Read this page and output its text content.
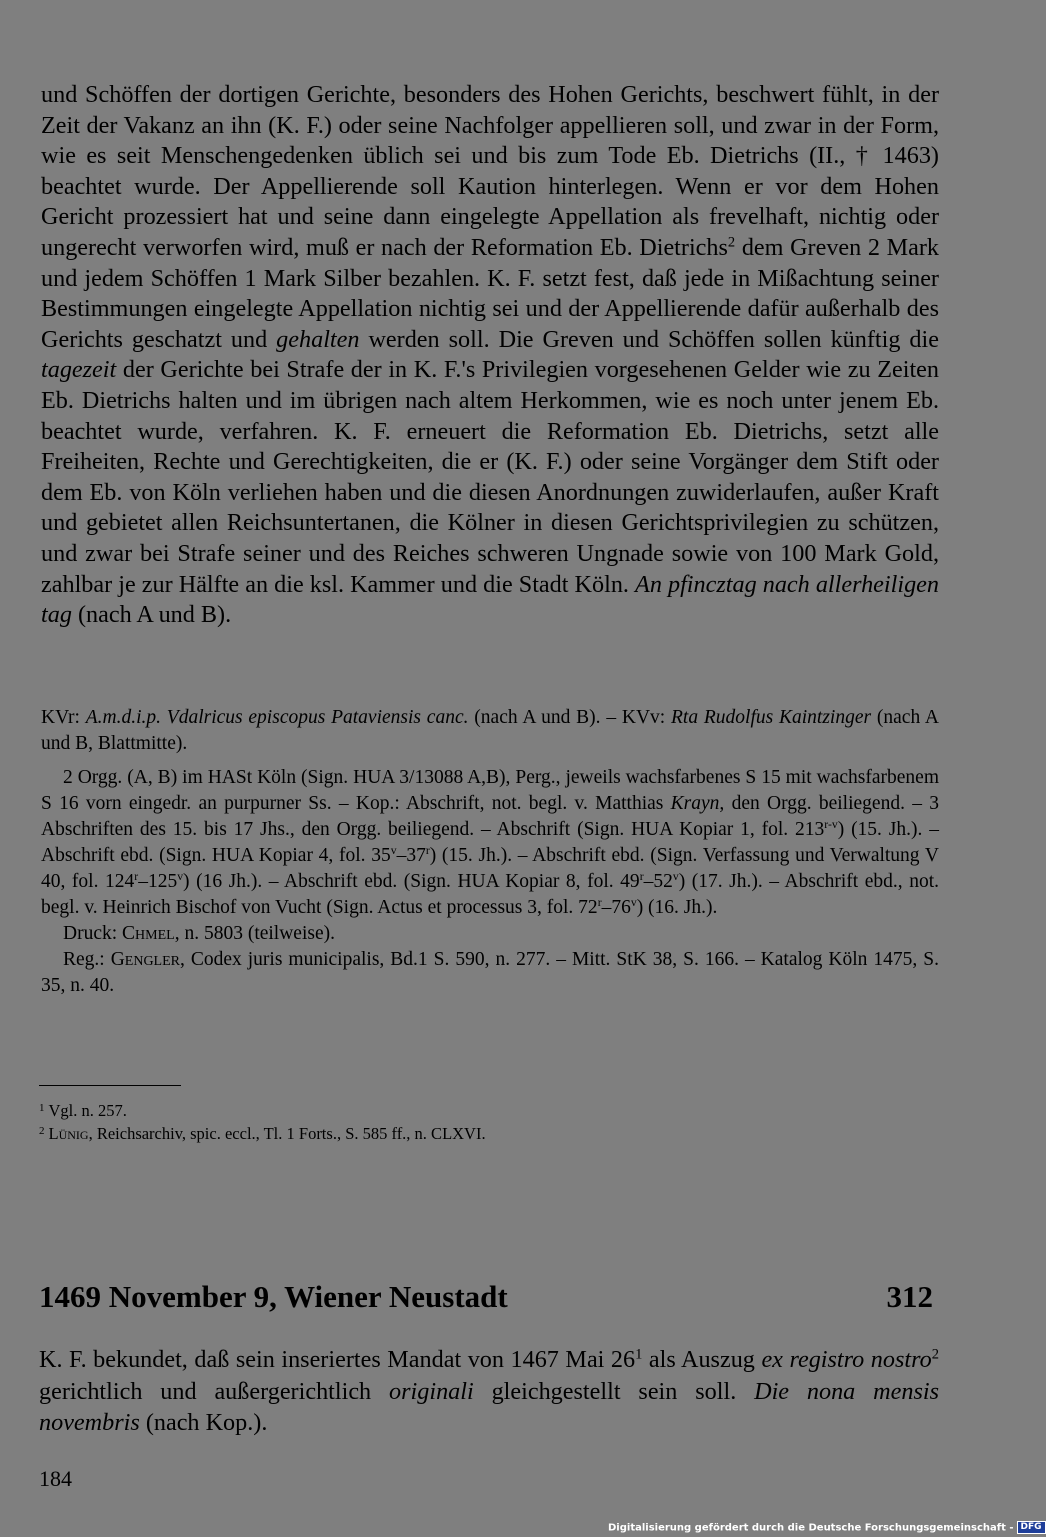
und Schöffen der dortigen Gerichte, besonders des Hohen Gerichts, beschwert fühlt, in der Zeit der Vakanz an ihn (K. F.) oder seine Nachfolger appellieren soll, und zwar in der Form, wie es seit Menschengedenken üblich sei und bis zum Tode Eb. Dietrichs (II., † 1463) beachtet wurde. Der Appellierende soll Kaution hinterlegen. Wenn er vor dem Hohen Gericht prozessiert hat und seine dann eingelegte Appellation als frevelhaft, nichtig oder ungerecht verworfen wird, muß er nach der Reformation Eb. Dietrichs$^2$ dem Greven 2 Mark und jedem Schöffen 1 Mark Silber bezahlen. K. F. setzt fest, daß jede in Mißachtung seiner Bestimmungen eingelegte Appellation nichtig sei und der Appellierende dafür außerhalb des Gerichts geschatzt und gehalten werden soll. Die Greven und Schöffen sollen künftig die tagezeit der Gerichte bei Strafe der in K. F.'s Privilegien vorgesehenen Gelder wie zu Zeiten Eb. Dietrichs halten und im übrigen nach altem Herkommen, wie es noch unter jenem Eb. beachtet wurde, verfahren. K. F. erneuert die Reformation Eb. Dietrichs, setzt alle Freiheiten, Rechte und Gerechtigkeiten, die er (K. F.) oder seine Vorgänger dem Stift oder dem Eb. von Köln verliehen haben und die diesen Anordnungen zuwiderlaufen, außer Kraft und gebietet allen Reichsuntertanen, die Kölner in diesen Gerichtsprivilegien zu schützen, und zwar bei Strafe seiner und des Reiches schweren Ungnade sowie von 100 Mark Gold, zahlbar je zur Hälfte an die ksl. Kammer und die Stadt Köln. An pfincztag nach allerheiligen tag (nach A und B).

KVr: A.m.d.i.p. Vdalricus episcopus Pataviensis canc. (nach A und B). – KVv: Rta Rudolfus Kaintzinger (nach A und B, Blattmitte).

2 Orgg. (A, B) im HASt Köln (Sign. HUA 3/13088 A,B), Perg., jeweils wachsfarbenes S 15 mit wachsfarbenem S 16 vorn eingedr. an purpurner Ss. – Kop.: Abschrift, not. begl. v. Matthias Krayn, den Orgg. beiliegend. – 3 Abschriften des 15. bis 17 Jhs., den Orgg. beiliegend. – Abschrift (Sign. HUA Kopiar 1, fol. 213$^{r-v}$) (15. Jh.). – Abschrift ebd. (Sign. HUA Kopiar 4, fol. 35$^v$–37$^r$) (15. Jh.). – Abschrift ebd. (Sign. Verfassung und Verwaltung V 40, fol. 124$^r$–125$^v$) (16 Jh.). – Abschrift ebd. (Sign. HUA Kopiar 8, fol. 49$^r$–52$^v$) (17. Jh.). – Abschrift ebd., not. begl. v. Heinrich Bischof von Vucht (Sign. Actus et processus 3, fol. 72$^r$–76$^v$) (16. Jh.).

Druck: Chmel, n. 5803 (teilweise).

Reg.: Gengler, Codex juris municipalis, Bd.1 S. 590, n. 277. – Mitt. StK 38, S. 166. – Katalog Köln 1475, S. 35, n. 40.

$^1$ Vgl. n. 257.
$^2$ Lünig, Reichsarchiv, spic. eccl., Tl. 1 Forts., S. 585 ff., n. CLXVI.
1469 November 9, Wiener Neustadt	312

K. F. bekundet, daß sein inseriertes Mandat von 1467 Mai $26^1$ als Auszug ex registro nostro$^2$ gerichtlich und außergerichtlich originali gleichgestellt sein soll. Die nona mensis novembris (nach Kop.).

184
Digitalisierung gefördert durch die Deutsche Forschungsgemeinschaft - DFG
